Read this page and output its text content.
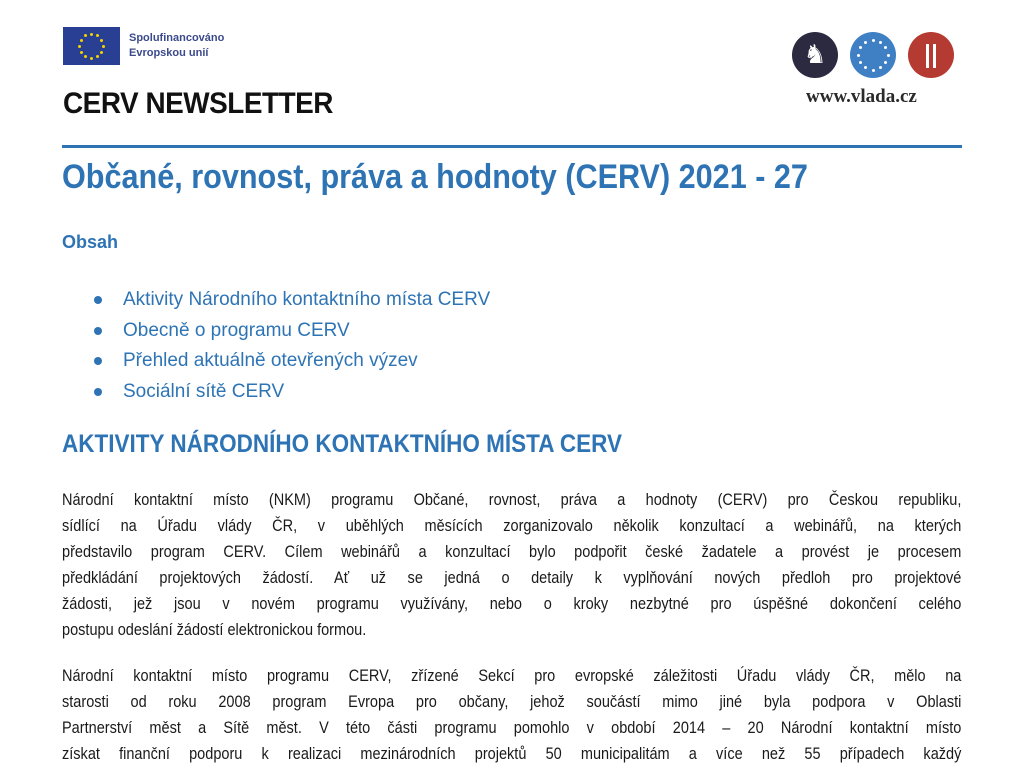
Spolufinancováno
Evropskou unií	♞
www.vlada.cz
CERV NEWSLETTER
Občané, rovnost, práva a hodnoty (CERV) 2021 - 27
Obsah
Aktivity Národního kontaktního místa CERV
Obecně o programu CERV
Přehled aktuálně otevřených výzev
Sociální sítě CERV
AKTIVITY NÁRODNÍHO KONTAKTNÍHO MÍSTA CERV
Národní kontaktní místo (NKM) programu Občané, rovnost, práva a hodnoty (CERV) pro Českou republiku,
sídlící na Úřadu vlády ČR, v uběhlých měsících zorganizovalo několik konzultací a webinářů, na kterých
představilo program CERV. Cílem webinářů a konzultací bylo podpořit české žadatele a provést je procesem
předkládání projektových žádostí. Ať už se jedná o detaily k vyplňování nových předloh pro projektové
žádosti, jež jsou v novém programu využívány, nebo o kroky nezbytné pro úspěšné dokončení celého
postupu odeslání žádostí elektronickou formou.
Národní kontaktní místo programu CERV, zřízené Sekcí pro evropské záležitosti Úřadu vlády ČR, mělo na
starosti od roku 2008 program Evropa pro občany, jehož součástí mimo jiné byla podpora v Oblasti
Partnerství měst a Sítě měst. V této části programu pomohlo v období 2014 – 20 Národní kontaktní místo
získat finanční podporu k realizaci mezinárodních projektů 50 municipalitám a více než 55 případech každý
